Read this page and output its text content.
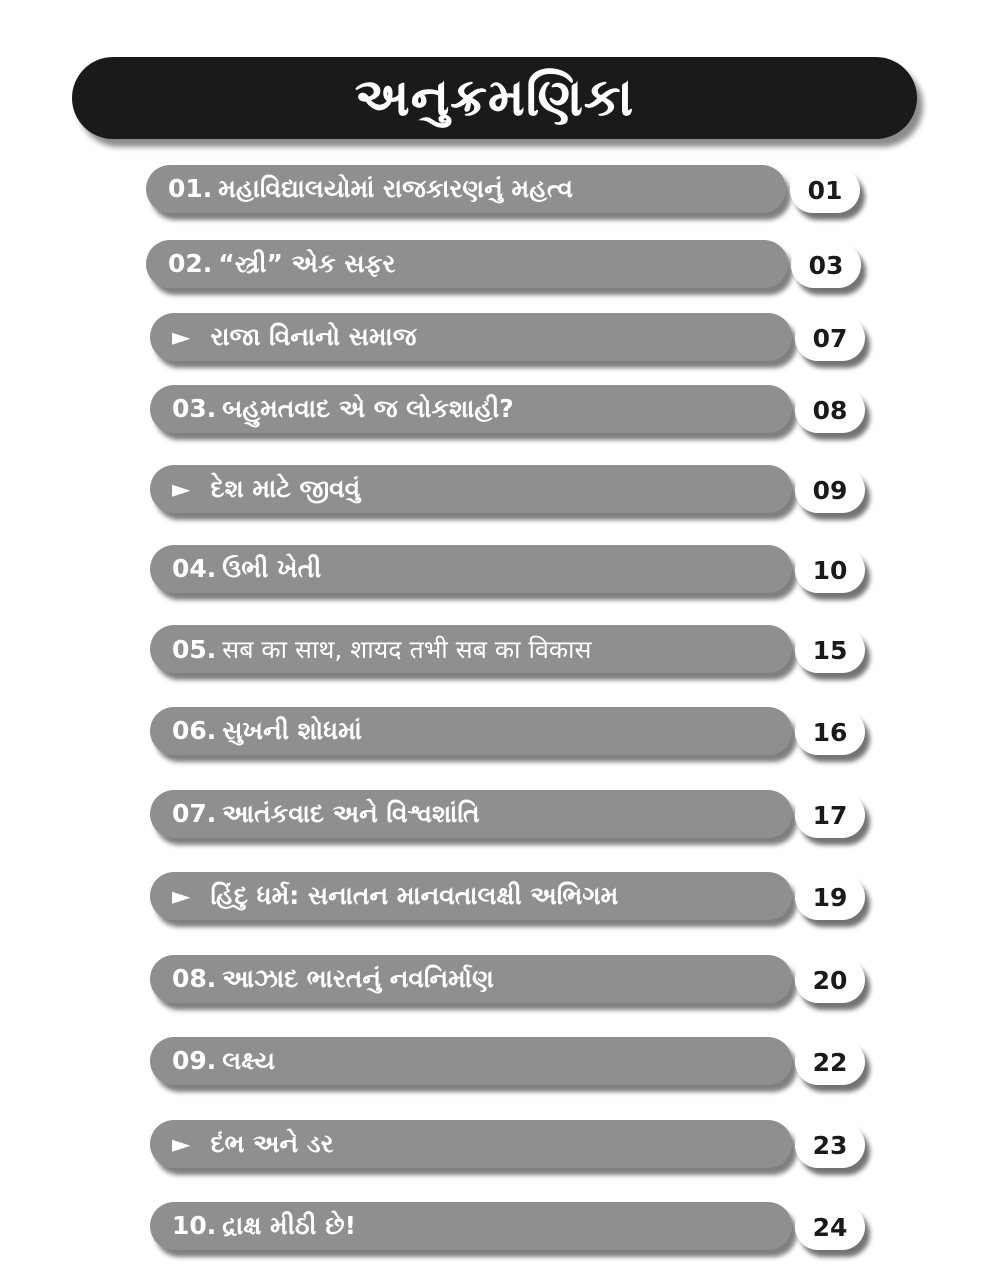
અનુક્રમણિકા
01. મહાવિદ્યાલયોમાં રાજકારણનું મહત્વ	01
02. “સ્ત્રી” એક સફર	03
► રાજા વિનાનો સમાજ	07
03. બહુમતવાદ એ જ લોકશાહી?	08
► દેશ માટે જીવવું	09
04. ઉભી ખેતી	10
05. सब का साथ, शायद तभी सब का विकास	15
06. સુખની શોધમાં	16
07. આતંકવાદ અને વિશ્વશાંતિ	17
► હિંદુ ધર્મ: સનાતન માનવતાલક્ષી અભિગમ	19
08. આઝાદ ભારતનું નવનિર્માણ	20
09. લક્ષ્ય	22
► દંભ અને ડર	23
10. દ્રાક્ષ મીઠી છે!	24
